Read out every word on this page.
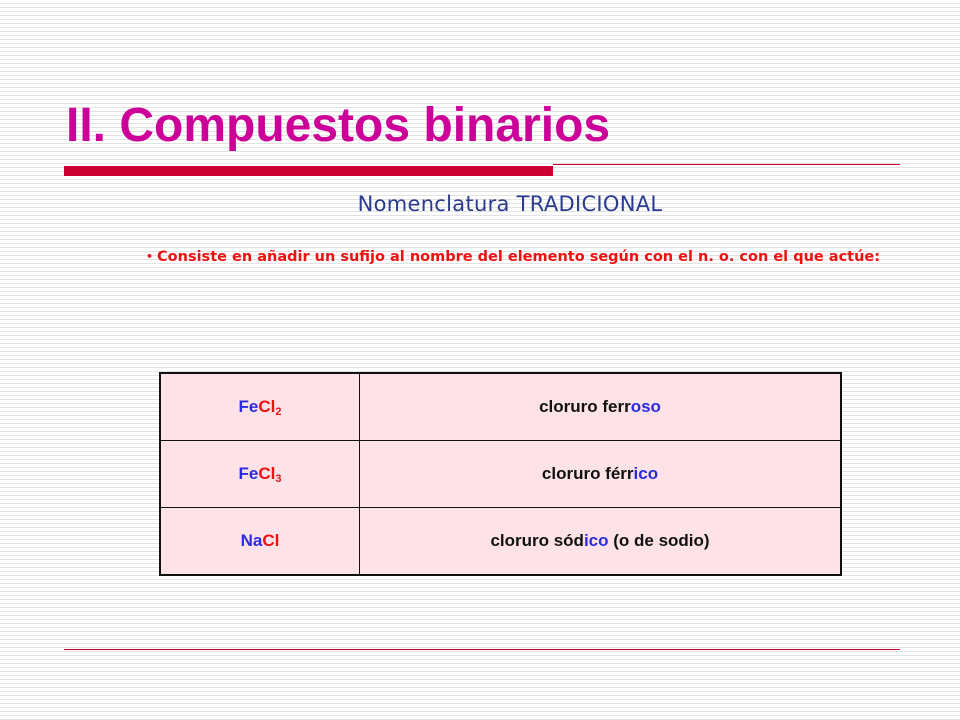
II. Compuestos binarios
Nomenclatura TRADICIONAL

• Consiste en añadir un sufijo al nombre del elemento según con el n. o. con el que actúe:

FeCl$_2$	cloruro ferroso
FeCl$_3$	cloruro férrico
NaCl	cloruro sódico (o de sodio)
